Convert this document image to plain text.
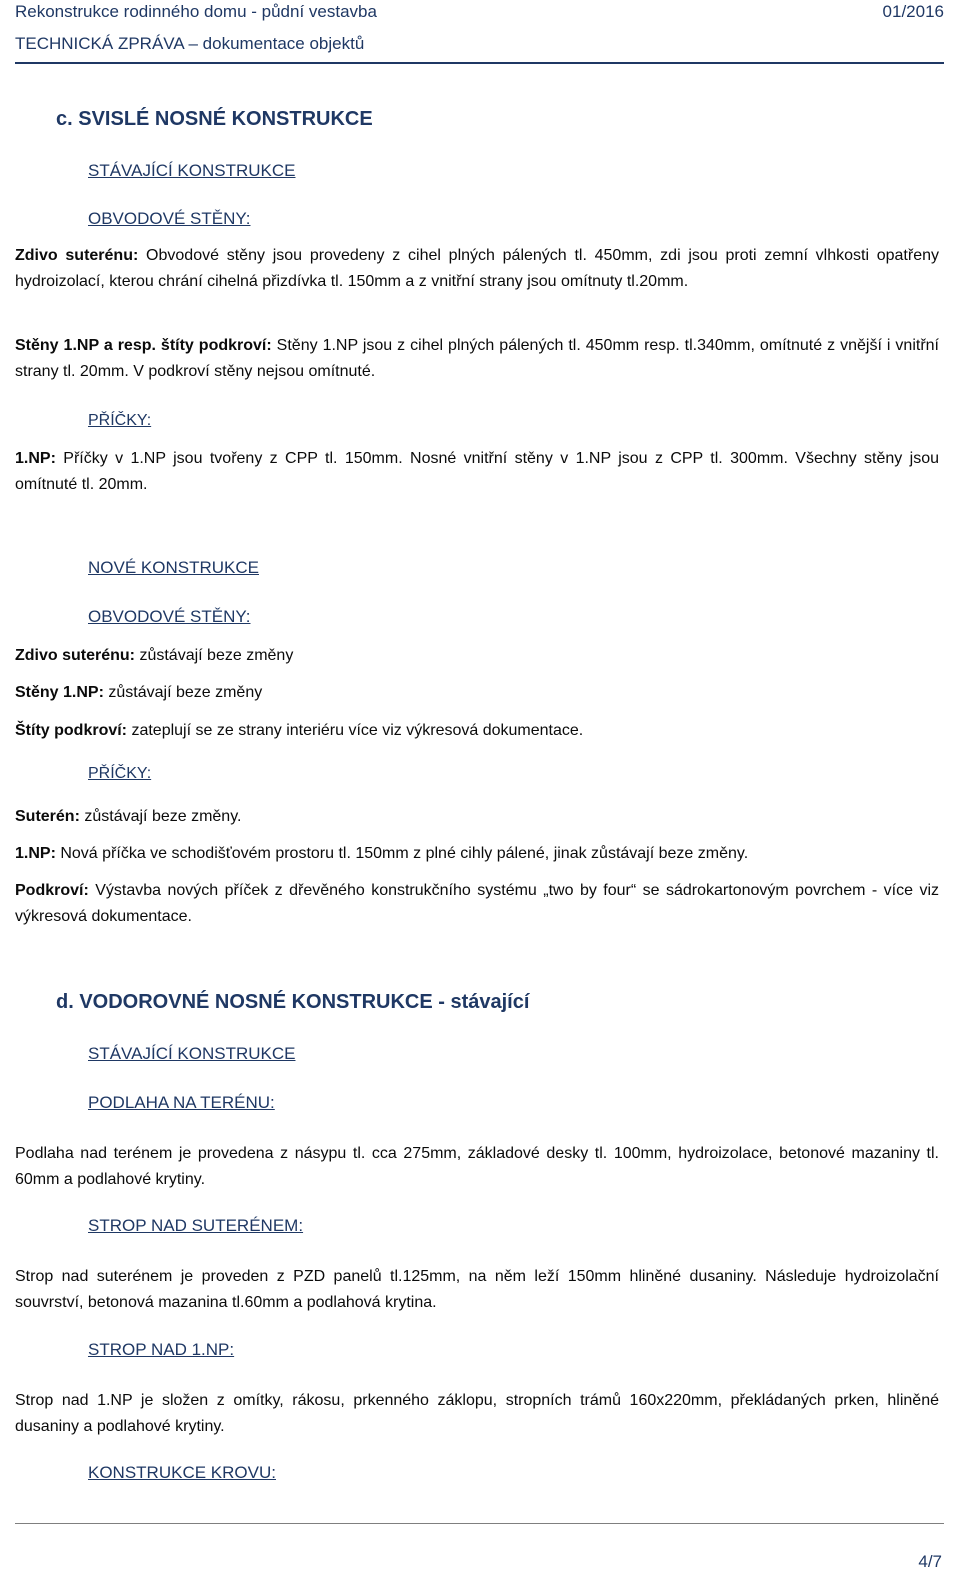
Rekonstrukce rodinného domu - půdní vestavba	01/2016
TECHNICKÁ ZPRÁVA – dokumentace objektů
c. SVISLÉ NOSNÉ KONSTRUKCE
STÁVAJÍCÍ KONSTRUKCE
OBVODOVÉ STĚNY:
Zdivo suterénu: Obvodové stěny jsou provedeny z cihel plných pálených tl. 450mm, zdi jsou proti zemní vlhkosti opatřeny hydroizolací, kterou chrání cihelná přizdívka tl. 150mm a z vnitřní strany jsou omítnuty tl.20mm.
Stěny 1.NP a resp. štíty podkroví: Stěny 1.NP jsou z cihel plných pálených tl. 450mm resp. tl.340mm, omítnuté z vnější i vnitřní strany tl. 20mm. V podkroví stěny nejsou omítnuté.
PŘÍČKY:
1.NP: Příčky v 1.NP jsou tvořeny z CPP tl. 150mm. Nosné vnitřní stěny v 1.NP jsou z CPP tl. 300mm. Všechny stěny jsou omítnuté tl. 20mm.
NOVÉ KONSTRUKCE
OBVODOVÉ STĚNY:
Zdivo suterénu: zůstávají beze změny
Stěny 1.NP: zůstávají beze změny
Štíty podkroví: zateplují se ze strany interiéru více viz výkresová dokumentace.
PŘÍČKY:
Suterén: zůstávají beze změny.
1.NP: Nová příčka ve schodišťovém prostoru tl. 150mm z plné cihly pálené, jinak zůstávají beze změny.
Podkroví: Výstavba nových příček z dřevěného konstrukčního systému „two by four“ se sádrokartonovým povrchem - více viz výkresová dokumentace.
d. VODOROVNÉ NOSNÉ KONSTRUKCE - stávající
STÁVAJÍCÍ KONSTRUKCE
PODLAHA NA TERÉNU:
Podlaha nad terénem je provedena z násypu tl. cca 275mm, základové desky tl. 100mm, hydroizolace, betonové mazaniny tl. 60mm a podlahové krytiny.
STROP NAD SUTERÉNEM:
Strop nad suterénem je proveden z PZD panelů tl.125mm, na něm leží 150mm hliněné dusaniny. Následuje hydroizolační souvrství, betonová mazanina tl.60mm a podlahová krytina.
STROP NAD 1.NP:
Strop nad 1.NP je složen z omítky, rákosu, prkenného záklopu, stropních trámů 160x220mm, překládaných prken, hliněné dusaniny a podlahové krytiny.
KONSTRUKCE KROVU:
4/7
